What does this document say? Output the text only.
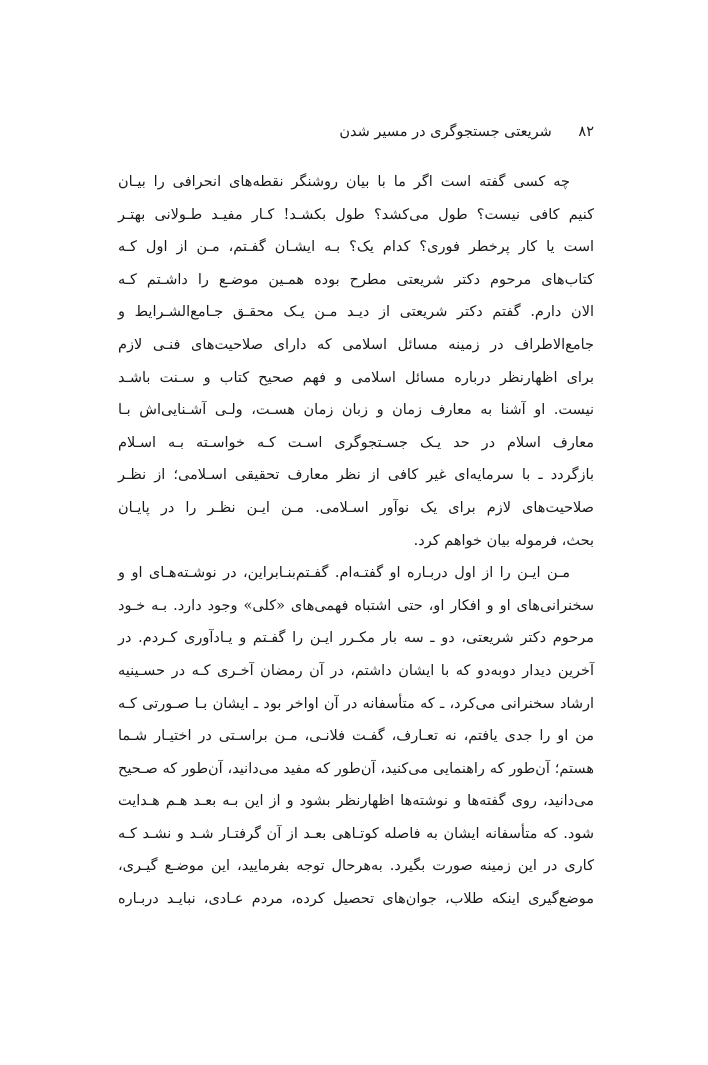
۸۲ شریعتی جستجوگری در مسیر شدن
چه کسی گفته است اگر ما با بیان روشنگر نقطه‌های انحرافی را بیـان
کنیم کافی نیست؟ طول می‌کشد؟ طول بکشـد! کـار مفیـد طـولانی بهتـر
است یا کار پرخطر فوری؟ کدام یک؟ بـه ایشـان گفـتم، مـن از اول کـه
کتاب‌های مرحوم دکتر شریعتی مطرح بوده همـین موضـع را داشـتم کـه
الان دارم. گفتم دکتر شریعتی از دیـد مـن یـک محقـق جـامع‌الشـرایط و
جامع‌الاطراف در زمینه مسائل اسلامی که دارای صلاحیت‌های فنـی لازم
برای اظهارنظر درباره مسائل اسلامی و فهم صحیح کتاب و سـنت باشـد
نیست. او آشنا به معارف زمان و زبان زمان هسـت، ولـی آشـنایی‌اش بـا
معارف اسلام در حد یـک جسـتجوگری اسـت کـه خواسـته بـه اسـلام
بازگردد ـ با سرمایه‌ای غیر کافی از نظر معارف تحقیقی اسـلامی؛ از نظـر
صلاحیت‌های لازم برای یک نوآور اسـلامی. مـن ایـن نظـر را در پایـان
بحث، فرموله بیان خواهم کرد.
مـن ایـن را از اول دربـاره او گفتـه‌ام. گفـتم‌بنـابراین، در نوشـته‌هـای او و
سخنرانی‌های او و افکار او، حتی اشتباه فهمی‌های «کلی» وجود دارد. بـه خـود
مرحوم دکتر شریعتی، دو ـ سه بار مکـرر ایـن را گفـتم و یـادآوری کـردم. در
آخرین دیدار دوبه‌دو که با ایشان داشتم، در آن رمضان آخـری کـه در حسـینیه
ارشاد سخنرانی می‌کرد، ـ که متأسفانه در آن اواخر بود ـ ایشان بـا صـورتی کـه
من او را جدی یافتم، نه تعـارف، گفـت فلانـی، مـن براسـتی در اختیـار شـما
هستم؛ آن‌طور که راهنمایی می‌کنید، آن‌طور که مفید می‌دانید، آن‌طور که صـحیح
می‌دانید، روی گفته‌ها و نوشته‌ها اظهارنظر بشود و از این بـه بعـد هـم هـدایت
شود. که متأسفانه ایشان به فاصله کوتـاهی بعـد از آن گرفتـار شـد و نشـد کـه
کاری در این زمینه صورت بگیرد. به‌هرحال توجه بفرمایید، این موضـع گیـری،
موضع‌گیری اینکه طلاب، جوان‌های تحصیل کرده، مردم عـادی، نبایـد دربـاره
